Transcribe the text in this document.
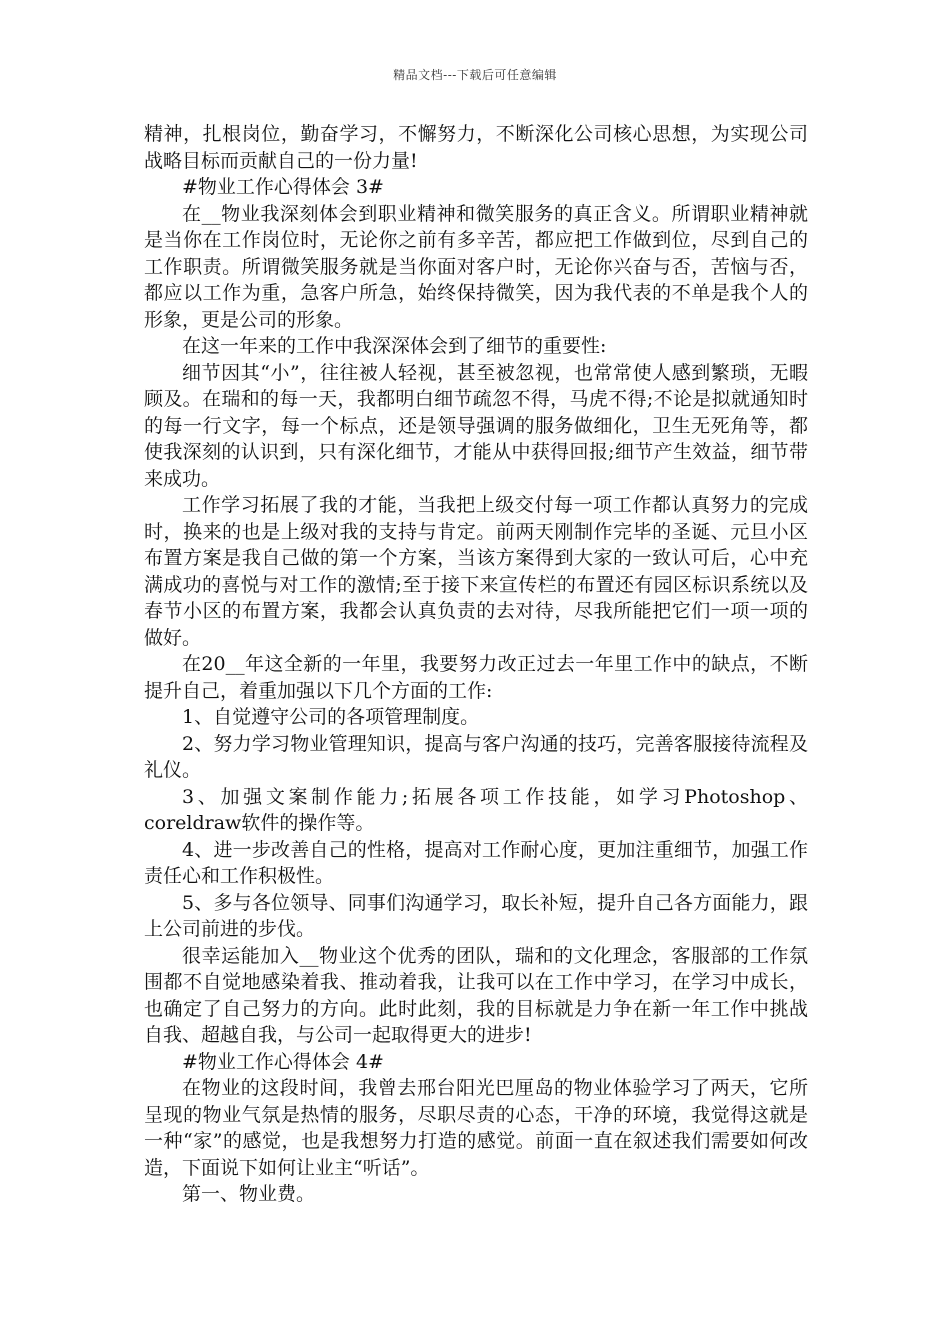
精品文档---下载后可任意编辑

精神，扎根岗位，勤奋学习，不懈努力，不断深化公司核心思想，为实现公司战略目标而贡献自己的一份力量!

#物业工作心得体会 3#

在__物业我深刻体会到职业精神和微笑服务的真正含义。所谓职业精神就是当你在工作岗位时，无论你之前有多辛苦，都应把工作做到位，尽到自己的工作职责。所谓微笑服务就是当你面对客户时，无论你兴奋与否，苦恼与否，都应以工作为重，急客户所急，始终保持微笑，因为我代表的不单是我个人的形象，更是公司的形象。

在这一年来的工作中我深深体会到了细节的重要性:

细节因其“小”，往往被人轻视，甚至被忽视，也常常使人感到繁琐，无暇顾及。在瑞和的每一天，我都明白细节疏忽不得，马虎不得;不论是拟就通知时的每一行文字，每一个标点，还是领导强调的服务做细化，卫生无死角等，都使我深刻的认识到，只有深化细节，才能从中获得回报;细节产生效益，细节带来成功。

工作学习拓展了我的才能，当我把上级交付每一项工作都认真努力的完成时，换来的也是上级对我的支持与肯定。前两天刚制作完毕的圣诞、元旦小区布置方案是我自己做的第一个方案，当该方案得到大家的一致认可后，心中充满成功的喜悦与对工作的激情;至于接下来宣传栏的布置还有园区标识系统以及春节小区的布置方案，我都会认真负责的去对待，尽我所能把它们一项一项的做好。

在20__年这全新的一年里，我要努力改正过去一年里工作中的缺点，不断提升自己，着重加强以下几个方面的工作:

1、自觉遵守公司的各项管理制度。

2、努力学习物业管理知识，提高与客户沟通的技巧，完善客服接待流程及礼仪。

3、加强文案制作能力;拓展各项工作技能，如学习Photoshop、coreldraw软件的操作等。

4、进一步改善自己的性格，提高对工作耐心度，更加注重细节，加强工作责任心和工作积极性。

5、多与各位领导、同事们沟通学习，取长补短，提升自己各方面能力，跟上公司前进的步伐。

很幸运能加入__物业这个优秀的团队，瑞和的文化理念，客服部的工作氛围都不自觉地感染着我、推动着我，让我可以在工作中学习，在学习中成长，也确定了自己努力的方向。此时此刻，我的目标就是力争在新一年工作中挑战自我、超越自我，与公司一起取得更大的进步!

#物业工作心得体会 4#

在物业的这段时间，我曾去邢台阳光巴厘岛的物业体验学习了两天，它所呈现的物业气氛是热情的服务，尽职尽责的心态，干净的环境，我觉得这就是一种“家”的感觉，也是我想努力打造的感觉。前面一直在叙述我们需要如何改造，下面说下如何让业主“听话”。

第一、物业费。
